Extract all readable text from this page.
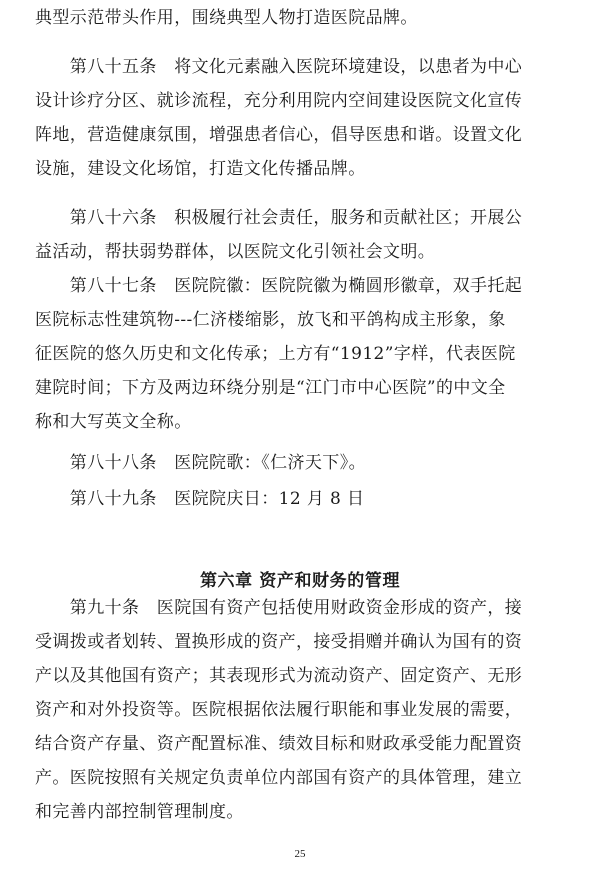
典型示范带头作用，围绕典型人物打造医院品牌。
　　第八十五条　将文化元素融入医院环境建设，以患者为中心
设计诊疗分区、就诊流程，充分利用院内空间建设医院文化宣传
阵地，营造健康氛围，增强患者信心，倡导医患和谐。设置文化
设施，建设文化场馆，打造文化传播品牌。
　　第八十六条　积极履行社会责任，服务和贡献社区；开展公
益活动，帮扶弱势群体，以医院文化引领社会文明。
　　第八十七条　医院院徽：医院院徽为椭圆形徽章，双手托起
医院标志性建筑物---仁济楼缩影，放飞和平鸽构成主形象，象
征医院的悠久历史和文化传承；上方有“1912”字样，代表医院
建院时间；下方及两边环绕分别是“江门市中心医院”的中文全
称和大写英文全称。
　　第八十八条　医院院歌：《仁济天下》。
　　第八十九条　医院院庆日：12 月 8 日
第六章 资产和财务的管理
　　第九十条　医院国有资产包括使用财政资金形成的资产，接
受调拨或者划转、置换形成的资产，接受捐赠并确认为国有的资
产以及其他国有资产；其表现形式为流动资产、固定资产、无形
资产和对外投资等。医院根据依法履行职能和事业发展的需要，
结合资产存量、资产配置标准、绩效目标和财政承受能力配置资
产。医院按照有关规定负责单位内部国有资产的具体管理，建立
和完善内部控制管理制度。
25
